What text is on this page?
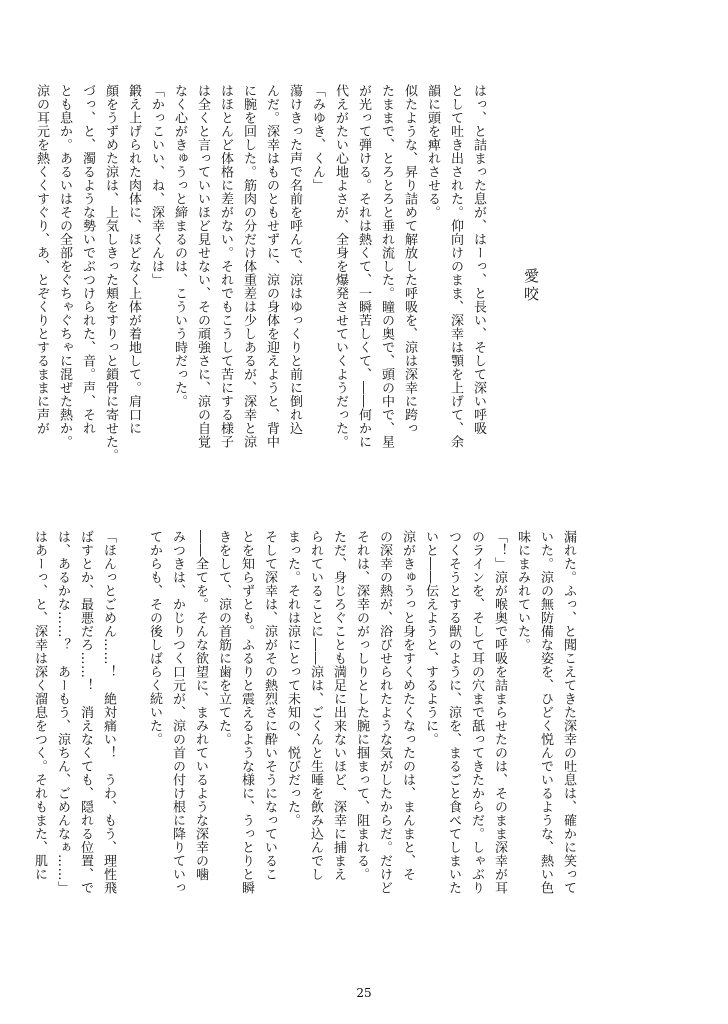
愛咬
はっ、と詰まった息が、はーっ、と長い、そして深い呼吸
として吐き出された。仰向けのまま、深幸は顎を上げて、余
韻に頭を痺れさせる。
似たような、昇り詰めて解放した呼吸を、涼は深幸に跨っ
たままで、とろとろと垂れ流した。瞳の奥で、頭の中で、星
が光って弾ける。それは熱くて、一瞬苦しくて、――何かに
代えがたい心地よさが、全身を爆発させていくようだった。
「みゆき、くん」
蕩けきった声で名前を呼んで、涼はゆっくりと前に倒れ込
んだ。深幸はものともせずに、涼の身体を迎えようと、背中
に腕を回した。筋肉の分だけ体重差は少しあるが、深幸と涼
はほとんど体格に差がない。それでもこうして苦にする様子
は全くと言っていいほど見せない、その頑強さに、涼の自覚
なく心がきゅうっと締まるのは、こういう時だった。
「かっこいい、ね、深幸くんは」
鍛え上げられた肉体に、ほどなく上体が着地して。肩口に
顔をうずめた涼は、上気しきった頬をすりっと鎖骨に寄せた。
づっ、と、濁るような勢いでぶつけられた、音。声、それ
とも息か。あるいはその全部をぐちゃぐちゃに混ぜた熱か。
涼の耳元を熱くくすぐり、あ、とぞくりとするままに声が
漏れた。ふっ、と聞こえてきた深幸の吐息は、確かに笑って
いた。涼の無防備な姿を、ひどく悦んでいるような、熱い色
味にまみれていた。
「！」涼が喉奥で呼吸を詰まらせたのは、そのまま深幸が耳
のラインを、そして耳の穴まで舐ってきたからだ。しゃぶり
つくそうとする獣のように、涼を、まるごと食べてしまいた
いと――伝えようと、するように。
涼がきゅうっと身をすくめたくなったのは、まんまと、そ
の深幸の熱が、浴びせられたような気がしたからだ。だけど
それは、深幸のがっしりとした腕に掴まって、阻まれる。
ただ、身じろぐことも満足に出来ないほど、深幸に捕まえ
られていることに――涼は、ごくんと生唾を飲み込んでし
まった。それは涼にとって未知の、悦びだった。
そして深幸は、涼がその熱烈さに酔いそうになっているこ
とを知らずとも。ふるりと震えるような様に、うっとりと瞬
きをして、涼の首筋に歯を立てた。
――全てを。そんな欲望に、まみれているような深幸の噛
みつきは、かじりつく口元が、涼の首の付け根に降りていっ
てからも、その後しばらく続いた。

「ほんっとごめん……！　絶対痛い！　うわ、もう、理性飛
ばすとか、最悪だろ……！　消えなくても、隠れる位置、で
は、あるかな……？　あーもう、涼ちん、ごめんなぁ……」
はあーっ、と、深幸は深く溜息をつく。それもまた、肌に
25
